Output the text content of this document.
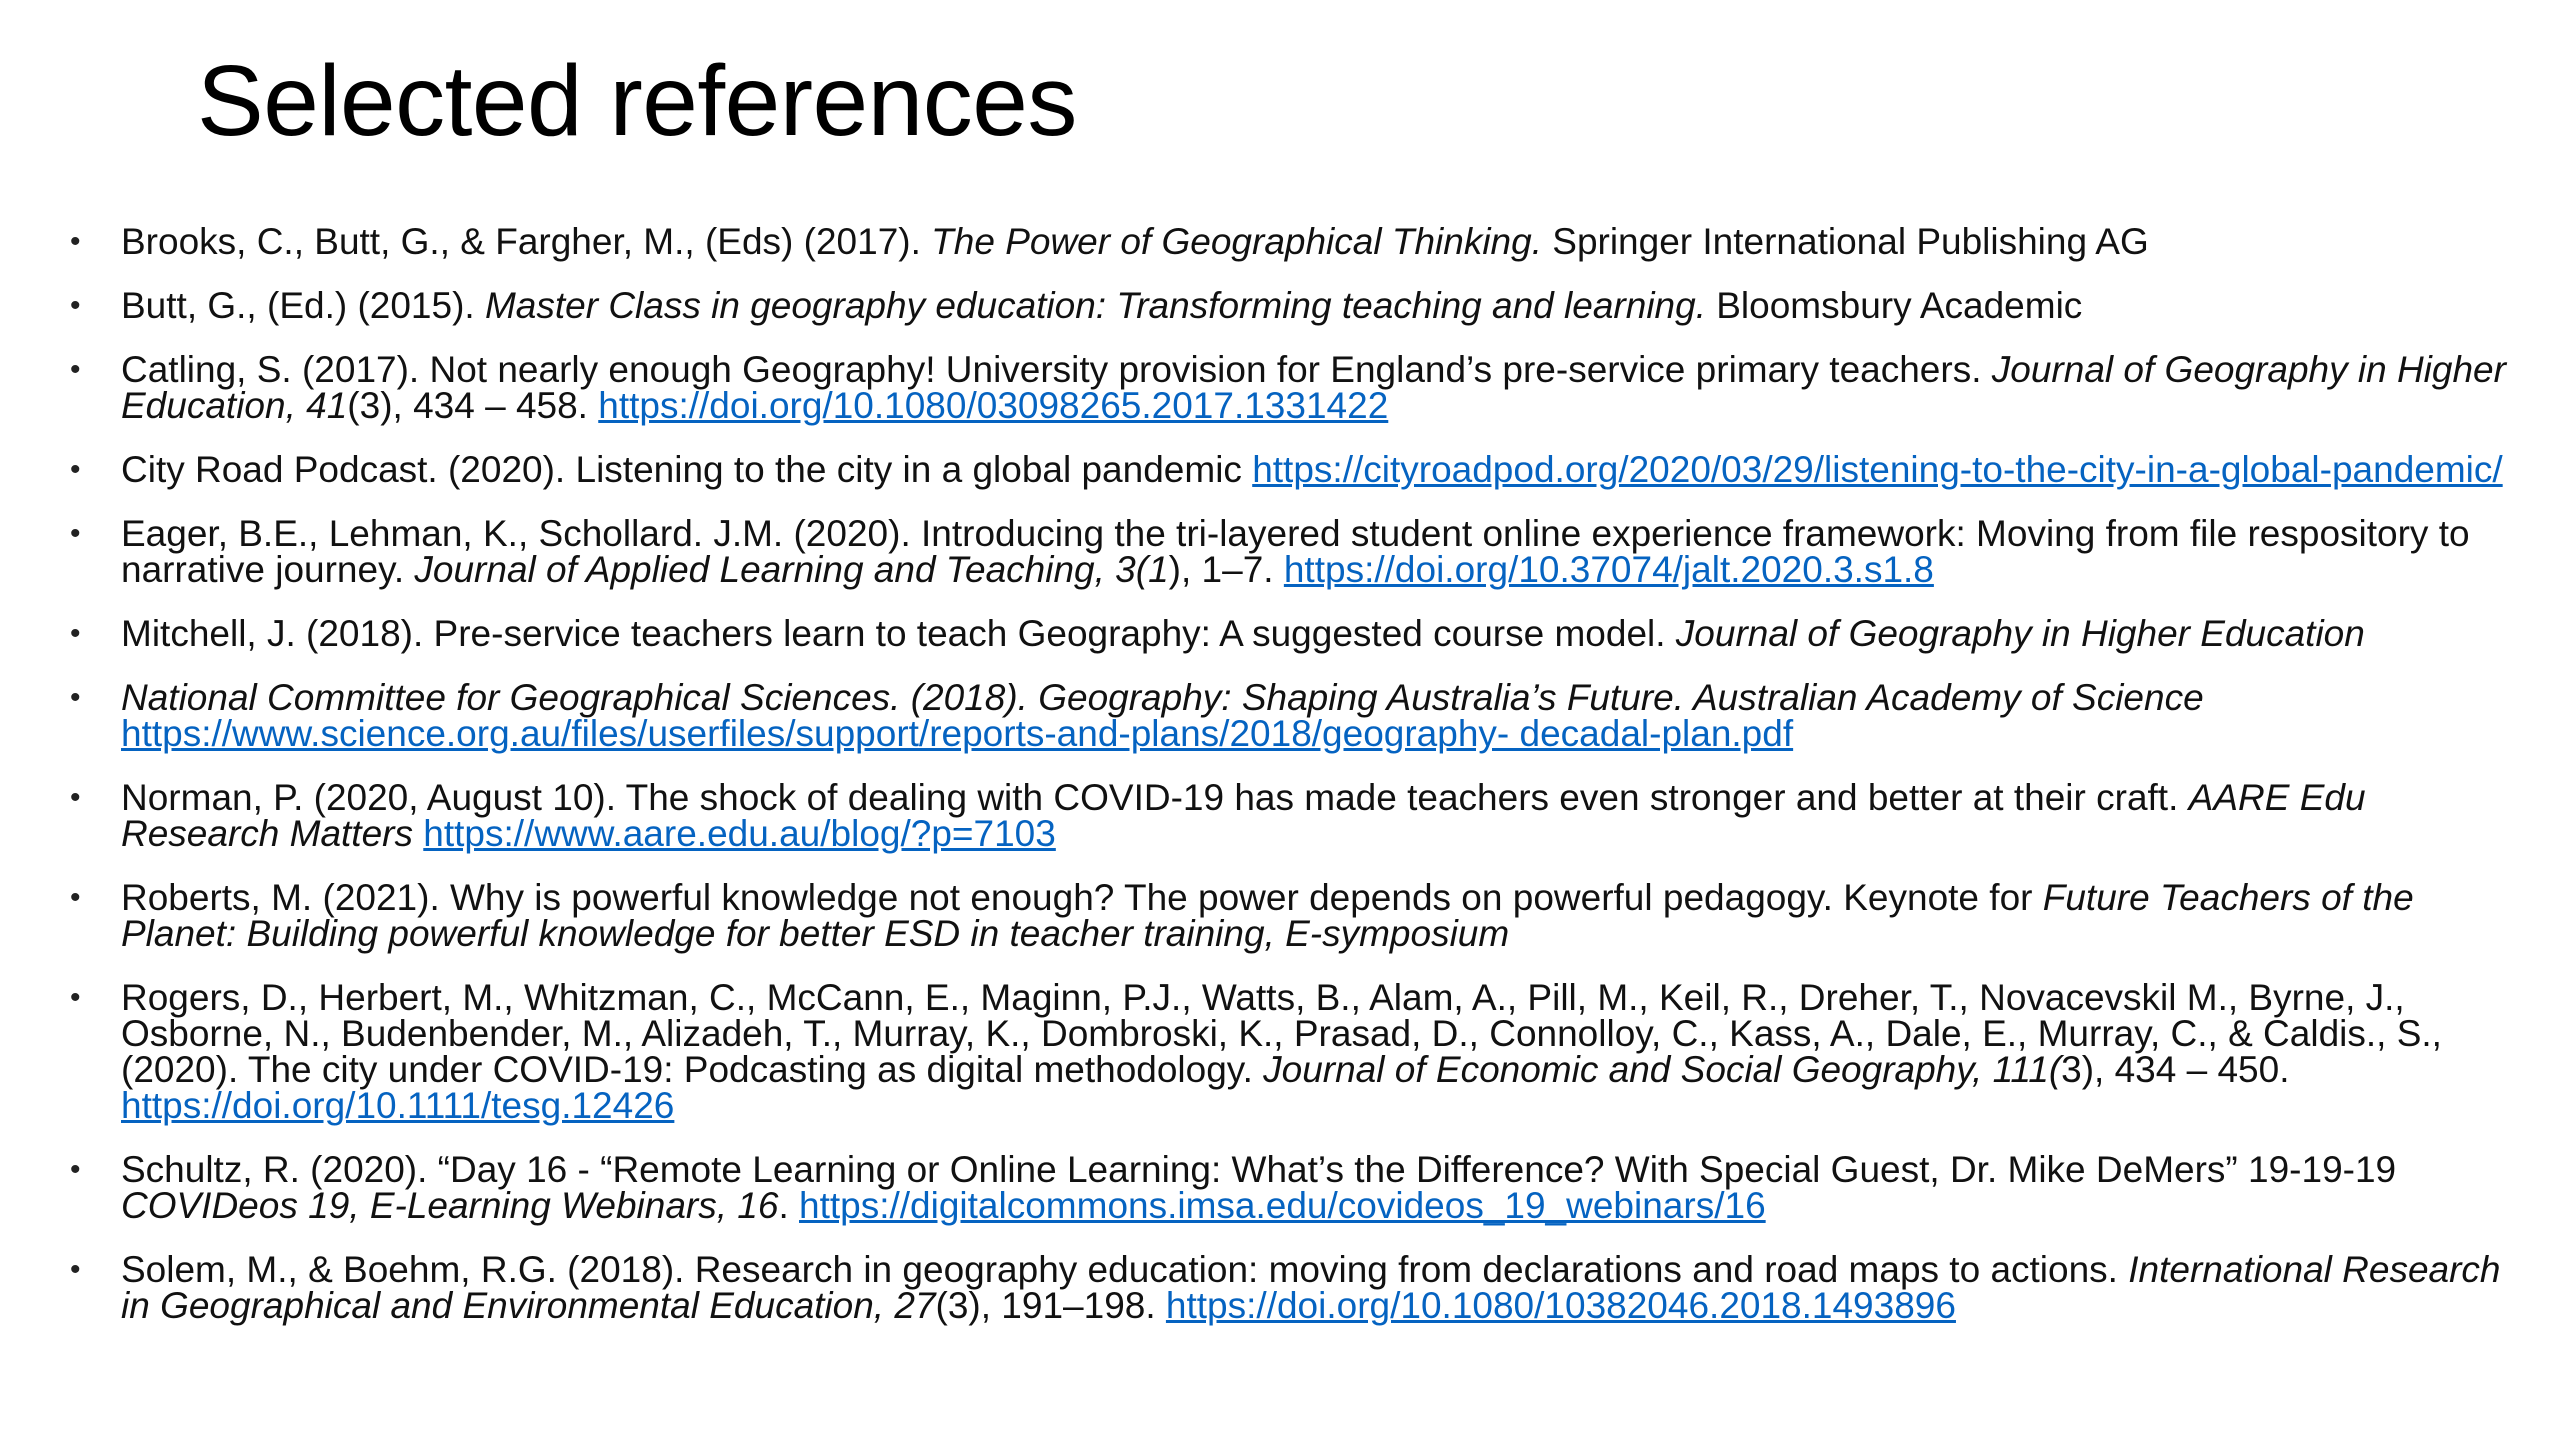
Selected references
• Brooks, C., Butt, G., & Fargher, M., (Eds) (2017). The Power of Geographical Thinking. Springer International Publishing AG
• Butt, G., (Ed.) (2015). Master Class in geography education: Transforming teaching and learning. Bloomsbury Academic
• Catling, S. (2017). Not nearly enough Geography! University provision for England’s pre-service primary teachers. Journal of Geography in Higher Education, 41(3), 434 – 458. https://doi.org/10.1080/03098265.2017.1331422
• City Road Podcast. (2020). Listening to the city in a global pandemic https://cityroadpod.org/2020/03/29/listening-to-the-city-in-a-global-pandemic/
• Eager, B.E., Lehman, K., Schollard. J.M. (2020). Introducing the tri-layered student online experience framework: Moving from file respository to narrative journey. Journal of Applied Learning and Teaching, 3(1), 1–7. https://doi.org/10.37074/jalt.2020.3.s1.8
• Mitchell, J. (2018). Pre-service teachers learn to teach Geography: A suggested course model. Journal of Geography in Higher Education
• National Committee for Geographical Sciences. (2018). Geography: Shaping Australia’s Future. Australian Academy of Science https://www.science.org.au/files/userfiles/support/reports-and-plans/2018/geography- decadal-plan.pdf
• Norman, P. (2020, August 10). The shock of dealing with COVID-19 has made teachers even stronger and better at their craft. AARE Edu Research Matters https://www.aare.edu.au/blog/?p=7103
• Roberts, M. (2021). Why is powerful knowledge not enough? The power depends on powerful pedagogy. Keynote for Future Teachers of the Planet: Building powerful knowledge for better ESD in teacher training, E-symposium
• Rogers, D., Herbert, M., Whitzman, C., McCann, E., Maginn, P.J., Watts, B., Alam, A., Pill, M., Keil, R., Dreher, T., Novacevskil M., Byrne, J., Osborne, N., Budenbender, M., Alizadeh, T., Murray, K., Dombroski, K., Prasad, D., Connolloy, C., Kass, A., Dale, E., Murray, C., & Caldis., S., (2020). The city under COVID-19: Podcasting as digital methodology. Journal of Economic and Social Geography, 111(3), 434 – 450. https://doi.org/10.1111/tesg.12426
• Schultz, R. (2020). “Day 16 - “Remote Learning or Online Learning: What’s the Difference? With Special Guest, Dr. Mike DeMers” 19-19-19 COVIDeos 19, E-Learning Webinars, 16. https://digitalcommons.imsa.edu/covideos_19_webinars/16
• Solem, M., & Boehm, R.G. (2018). Research in geography education: moving from declarations and road maps to actions. International Research in Geographical and Environmental Education, 27(3), 191–198. https://doi.org/10.1080/10382046.2018.1493896
